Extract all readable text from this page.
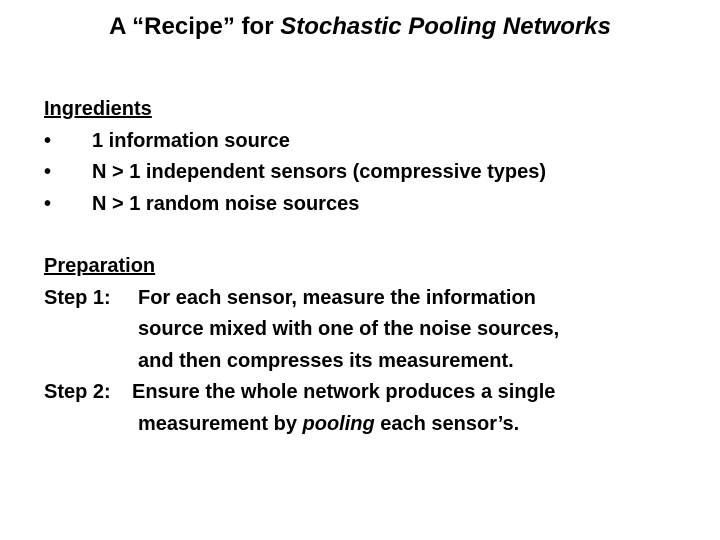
A “Recipe” for Stochastic Pooling Networks
Ingredients
•	1 information source
•	N > 1 independent sensors (compressive types)
•	N > 1 random noise sources
Preparation
Step 1:	For each sensor, measure the information
source mixed with one of the noise sources,
and then compresses its measurement.
Step 2:	Ensure the whole network produces a single
measurement by pooling each sensor’s.
